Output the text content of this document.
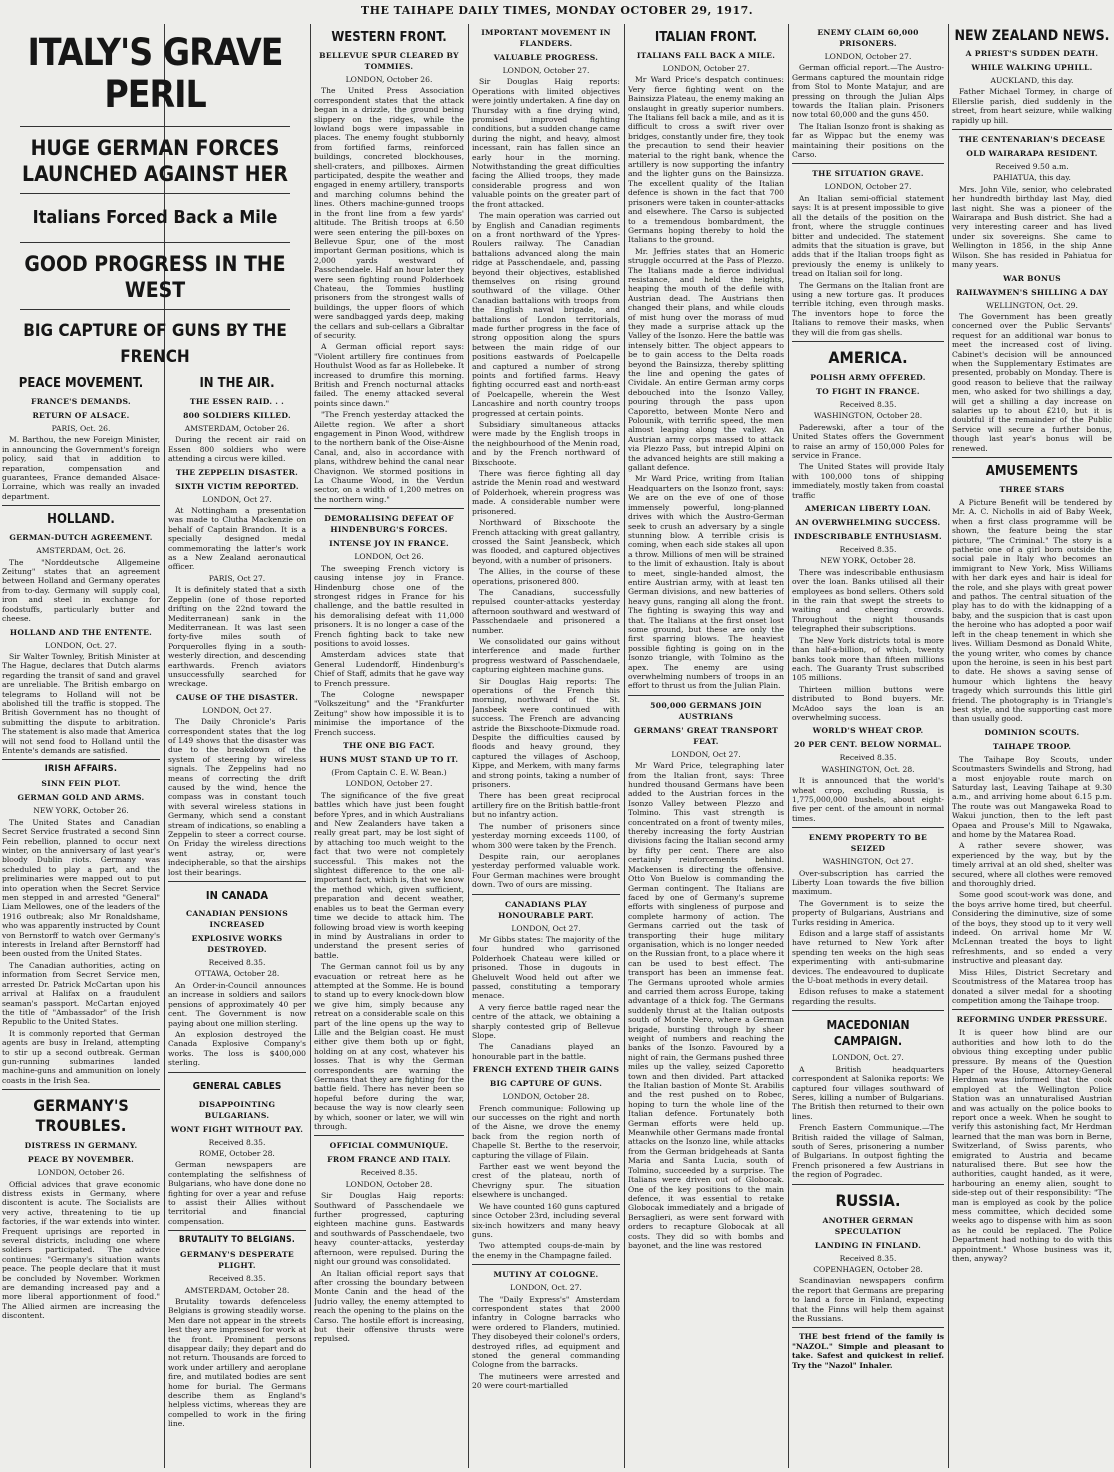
THE TAIHAPE DAILY TIMES, MONDAY OCTOBER 29, 1917.
ITALY'S GRAVE PERIL
HUGE GERMAN FORCES LAUNCHED AGAINST HER
Italians Forced Back a Mile
GOOD PROGRESS IN THE WEST
BIG CAPTURE OF GUNS BY THE FRENCH
PEACE MOVEMENT.
FRANCE'S DEMANDS.
RETURN OF ALSACE.

PARIS, Oct. 26.

M. Barthou, the new Foreign Minister, in announcing the Government's foreign policy, said that in addition to reparation, compensation and guarantees, France demanded Alsace-Lorraine, which was really an invaded department.

HOLLAND.
GERMAN-DUTCH AGREEMENT.

AMSTERDAM, Oct. 26.

The "Norddeutsche Allgemeine Zeitung" states that an agreement between Holland and Germany operates from to-day. Germany will supply coal, iron and steel in exchange for foodstuffs, particularly butter and cheese.

HOLLAND AND THE ENTENTE.

LONDON, Oct. 27.

Sir Walter Townley, British Minister at The Hague, declares that Dutch alarms regarding the transit of sand and gravel are unreliable. The British embargo on telegrams to Holland will not be abolished till the traffic is stopped. The British Government has no thought of submitting the dispute to arbitration. The statement is also made that America will not send food to Holland until the Entente's demands are satisfied.

IRISH AFFAIRS.
SINN FEIN PLOT.
GERMAN GOLD AND ARMS.

NEW YORK, October 26.

The United States and Canadian Secret Service frustrated a second Sinn Fein rebellion, planned to occur next winter, on the anniversary of last year's bloody Dublin riots. Germany was scheduled to play a part, and the preliminaries were mapped out to put into operation when the Secret Service men stepped in and arrested "General" Liam Mellowes, one of the leaders of the 1916 outbreak; also Mr Ronaldshame, who was apparently instructed by Count von Bernstorff to watch over Germany's interests in Ireland after Bernstorff had been ousted from the United States.

The Canadian authorities, acting on information from Secret Service men, arrested Dr. Patrick McCartan upon his arrival at Halifax on a fraudulent seaman's passport. McCartan enjoyed the title of "Ambassador" of the Irish Republic to the United States.

It is commonly reported that German agents are busy in Ireland, attempting to stir up a second outbreak. German gun-running submarines landed machine-guns and ammunition on lonely coasts in the Irish Sea.

GERMANY'S TROUBLES.
DISTRESS IN GERMANY.
PEACE BY NOVEMBER.

LONDON, October 26.

Official advices that grave economic distress exists in Germany, where discontent is acute. The Socialists are very active, threatening to tie up factories, if the war extends into winter. Frequent uprisings are reported in several districts, including one where soldiers participated. The advice continues: "Germany's situation wants peace. The people declare that it must be concluded by November. Workmen are demanding increased pay and a more liberal apportionment of food." The Allied airmen are increasing the discontent.

IN THE AIR.
THE ESSEN RAID. . .
800 SOLDIERS KILLED.

AMSTERDAM, October 26.

During the recent air raid on Essen 800 soldiers who were attending a circus were killed.

THE ZEPPELIN DISASTER.
SIXTH VICTIM REPORTED.

LONDON, Oct 27.

At Nottingham a presentation was made to Clutha Mackenzie on behalf of Captain Brandon. It is a specially designed medal commemorating the latter's work as a New Zealand aeronautical officer.

PARIS, Oct 27.

It is definitely stated that a sixth Zeppelin (one of those reported drifting on the 22nd toward the Mediterranean) sank in the Mediterranean. It was last seen forty-five miles south of Porquerolles flying in a south-westerly direction, and descending earthwards. French aviators unsuccessfully searched for wreckage.

CAUSE OF THE DISASTER.

LONDON, Oct 27.

The Daily Chronicle's Paris correspondent states that the log of L49 shows that the disaster was due to the breakdown of the system of steering by wireless signals. The Zeppelins had no means of correcting the drift caused by the wind, hence the compass was in constant touch with several wireless stations in Germany, which send a constant stream of indications, so enabling a Zeppelin to steer a correct course. On Friday the wireless directions went astray, or, were indecipherable, so that the airships lost their bearings.

IN CANADA
CANADIAN PENSIONS INCREASED
EXPLOSIVE WORKS DESTROYED.

Received 8.35.

OTTAWA, October 28.

An Order-in-Council announces an increase in soldiers and sailors pensions of approximately 40 per cent. The Government is now paying about one million sterling.

An explosion destroyed the Canada Explosive Company's works. The loss is $400,000 sterling.

GENERAL CABLES
DISAPPOINTING BULGARIANS.
WONT FIGHT WITHOUT PAY.

Received 8.35.

ROME, October 28.

German newspapers are contemplating the selfishness of Bulgarians, who have done done no fighting for over a year and refuse to assist their Allies without territorial and financial compensation.

BRUTALITY TO BELGIANS.
GERMANY'S DESPERATE PLIGHT.

Received 8.35.

AMSTERDAM, October 28.

Brutality towards defenceless Belgians is growing steadily worse. Men dare not appear in the streets lest they are impressed for work at the front. Prominent persons disappear daily; they depart and do not return. Thousands are forced to work under artillery and aeroplane fire, and mutilated bodies are sent home for burial. The Germans describe them as England's helpless victims, whereas they are compelled to work in the firing line.

WESTERN FRONT.
BELLEVUE SPUR CLEARED BY TOMMIES.

LONDON, October 26.

The United Press Association correspondent states that the attack began in a drizzle, the ground being slippery on the ridges, while the lowland bogs were impassable in places. The enemy fought stubbornly from fortified farms, reinforced buildings, concreted blockhouses, shell-craters, and pillboxes. Airmen participated, despite the weather and engaged in enemy artillery, transports and marching columns behind the lines. Others machine-gunned troops in the front line from a few yards' altitude. The British troops at 6.50 were seen entering the pill-boxes on Bellevue Spur, one of the most important German positions, which is 2,000 yards westward of Passchendaele. Half an hour later they were seen fighting round Polderhoek Chateau, the Tommies hustling prisoners from the strongest walls of buildings, the upper floors of which were sandbagged yards deep, making the cellars and sub-cellars a Gibraltar of security.

A German official report says: "Violent artillery fire continues from Houthulst Wood as far as Hollebeke. It increased to drumfire this morning. British and French nocturnal attacks failed. The enemy attacked several points since dawn."

"The French yesterday attacked the Ailette region. We after a short engagement in Pinon Wood, withdrew to the northern bank of the Oise-Aisne Canal, and, also in accordance with plans, withdrew behind the canal near Chavignon. We stormed positions in La Chaume Wood, in the Verdun sector, on a width of 1,200 metres on the northern wing."

DEMORALISING DEFEAT OF HINDENBURG'S FORCES.
INTENSE JOY IN FRANCE.

LONDON, Oct 26.

The sweeping French victory is causing intense joy in France. Hindenburg chose one of the strongest ridges in France for his challenge, and the battle resulted in his demoralising defeat with 11,000 prisoners. It is no longer a case of the French fighting back to take new positions to avoid losses.

Amsterdam advices state that General Ludendorff, Hindenburg's Chief of Staff, admits that he gave way to French pressure.

The Cologne newspaper "Volkszeitung" and the "Frankfurter Zeitung" show how impossible it is to minimise the importance of the French success.

THE ONE BIG FACT.
HUNS MUST STAND UP TO IT.

(From Captain C. E. W. Bean.)

LONDON, October 27.

The significance of the five great battles which have just been fought before Ypres, and in which Australians and New Zealanders have taken a really great part, may be lost sight of by attaching too much weight to the fact that two were not completely successful. This makes not the slightest difference to the one all-important fact, which is, that we know the method which, given sufficient, preparation and decent weather, enables us to beat the German every time we decide to attack him. The following broad view is worth keeping in mind by Australians in order to understand the present series of battle.

The German cannot foil us by any evacuation or retreat here as he attempted at the Somme. He is bound to stand up to every knock-down blow we give him, simply because any retreat on a considerable scale on this part of the line opens up the way to Lille and the Belgian coast. He must either give them both up or fight, holding on at any cost, whatever his losses. That is why the German correspondents are warning the Germans that they are fighting for the battle field. There has never been so hopeful before during the war, because the way is now clearly seen by which, sooner or later, we will win through.

OFFICIAL COMMUNIQUE.
FROM FRANCE AND ITALY.

Received 8.35.

LONDON, October 28.

Sir Douglas Haig reports: Southward of Passchendaele we further progressed, capturing eighteen machine guns. Eastwards and southwards of Passchendaele, two heavy counter-attacks, yesterday afternoon, were repulsed. During the night our ground was consolidated.

An Italian official report says that after crossing the boundary between Monte Canin and the head of the Judrio valley, the enemy attempted to reach the opening to the plains on the Carso. The hostile effort is increasing, but their offensive thrusts were repulsed.

IMPORTANT MOVEMENT IN FLANDERS.
VALUABLE PROGRESS.

LONDON, October 27.

Sir Douglas Haig reports: Operations with limited objectives were jointly undertaken. A fine day on Thursday with a fine drying wind, promised improved fighting conditions, but a sudden change came during the night, and heavy, almost incessant, rain has fallen since an early hour in the morning. Notwithstanding the great difficulties facing the Allied troops, they made considerable progress and won valuable points on the greater part of the front attacked.

The main operation was carried out by English and Canadian regiments on a front northward of the Ypres-Roulers railway. The Canadian battalions advanced along the main ridge at Passchendaele, and, passing beyond their objectives, established themselves on rising ground southward of the village. Other Canadian battalions with troops from the English naval brigade, and battalions of London territorials, made further progress in the face of strong opposition along the spurs between the main ridge of our positions eastwards of Poelcapelle and captured a number of strong points and fortified farms. Heavy fighting occurred east and north-east of Poelcapelle, wherein the West Lancashire and north country troops progressed at certain points.

Subsidiary simultaneous attacks were made by the English troops in the neighbourhood of the Menin road, and by the French northward of Bixschoote.

There was fierce fighting all day astride the Menin road and westward of Polderhoek, wherein progress was made. A considerable number were prisonered.

Northward of Bixschoote the French attacking with great gallantry, crossed the Saint Jeansbeck, which was flooded, and captured objectives beyond, with a number of prisoners.

The Allies, in the course of these operations, prisonered 800.

The Canadians, successfully repulsed counter-attacks yesterday afternoon southward and westward of Passchendaele and prisonered a number.

We consolidated our gains without interference and made further progress westward of Passchendaele, capturing eighteen machine guns.

Sir Douglas Haig reports: The operations of the French this morning, northward of the St. Jansbeek were continued with success. The French are advancing astride the Bixschoote-Dixmude road. Despite the difficulties caused by floods and heavy ground, they captured the villages of Aschoop, Kippe, and Merkem, with many farms and strong points, taking a number of prisoners.

There has been great reciprocal artillery fire on the British battle-front but no infantry action.

The number of prisoners since yesterday morning exceeds 1100, of whom 300 were taken by the French.

Despite rain, our aeroplanes yesterday performed valuable work. Four German machines were brought down. Two of ours are missing.

CANADIANS PLAY HONOURABLE PART.

LONDON, Oct 27.

Mr Gibbs states: The majority of the four hundred who garrisoned Polderhoek Chateau were killed or prisoned. Those in dugouts in Gheluvelt Wood held out after we passed, constituting a temporary menace.

A very fierce battle raged near the centre of the attack, we obtaining a sharply contested grip of Bellevue Slope.

The Canadians played an honourable part in the battle.

FRENCH EXTEND THEIR GAINS
BIG CAPTURE OF GUNS.

LONDON, October 28.

French communique: Following up our successes on the right and north of the Aisne, we drove the enemy back from the region north of Chapelle St. Berthe to the reservoir, capturing the village of Filain.

Farther east we went beyond the crest of the plateau, north of Chevrigny spur. The situation elsewhere is unchanged.

We have counted 160 guns captured since October 23rd, including several six-inch howitzers and many heavy guns.

Two attempted coups-de-main by the enemy in the Champagne failed.

MUTINY AT COLOGNE.

LONDON, Oct. 27.

The "Daily Express's" Amsterdam correspondent states that 2000 infantry in Cologne barracks who were ordered to Flanders, mutinied. They disobeyed their colonel's orders, destroyed rifles, ad equipment and stoned the general commanding Cologne from the barracks.

The mutineers were arrested and 20 were court-martialled

ITALIAN FRONT.
ITALIANS FALL BACK A MILE.

LONDON, October 27.

Mr Ward Price's despatch continues: Very fierce fighting went on the Bainsizza Plateau, the enemy making an onslaught in greatly superior numbers. The Italians fell back a mile, and as it is difficult to cross a swift river over bridges, constantly under fire, they took the precaution to send their heavier material to the right bank, whence the artillery is now supporting the infantry and the lighter guns on the Bainsizza. The excellent quality of the Italian defence is shown in the fact that 700 prisoners were taken in counter-attacks and elsewhere. The Carso is subjected to a tremendous bombardment, the Germans hoping thereby to hold the Italians to the ground.

Mr. Jeffries states that an Homeric struggle occurred at the Pass of Plezzo. The Italians made a fierce individual resistance, and held the heights, heaping the mouth of the defile with Austrian dead. The Austrians then changed their plans, and while clouds of mist hung over the morass of mud they made a surprise attack up the Valley of the Isonzo. Here the battle was intensely bitter. The object appears to be to gain access to the Delta roads beyond the Bainsizza, thereby splitting the line and opening the gates of Cividale. An entire German army corps debouched into the Isonzo Valley, pouring through the pass upon Caporetto, between Monte Nero and Polounik, with terrific speed, the men almost leaping along the valley. An Austrian army corps massed to attack via Plezzo Pass, but intrepid Alpini on the advanced heights are still making a gallant defence.

Mr Ward Price, writing from Italian Headquarters on the Isonzo front, says: We are on the eve of one of those immensely powerful, long-planned drives with which the Austro-German seek to crush an adversary by a single stunning blow. A terrible crisis is coming, when each side stakes all upon a throw. Millions of men will be strained to the limit of exhaustion. Italy is about to meet, single-handed almost, the entire Austrian army, with at least ten German divisions, and new batteries of heavy guns, ranging all along the front. The fighting is swaying this way and that. The Italians at the first onset lost some ground, but these are only the first sparring blows. The heaviest possible fighting is going on in the Isonzo triangle, with Tolmino as the apex. The enemy are using overwhelming numbers of troops in an effort to thrust us from the Julian Plain.

500,000 GERMANS JOIN AUSTRIANS
GERMANS' GREAT TRANSPORT FEAT.

LONDON, Oct 27.

Mr Ward Price, telegraphing later from the Italian front, says: Three hundred thousand Germans have been added to the Austrian forces in the Isonzo Valley between Plezzo and Tolmino. This vast strength is concentrated on a front of twenty miles, thereby increasing the forty Austrian divisions facing the Italian second army by fifty per cent. There are also certainly reinforcements behind. Mackensen is directing the offensive. Otto Von Buelow is commanding the German contingent. The Italians are faced by one of Germany's supreme efforts with singleness of purpose and complete harmony of action. The Germans carried out the task of transporting their huge military organisation, which is no longer needed on the Russian front, to a place where it can be used to best effect. The transport has been an immense feat. The Germans uprooted whole armies and carried them across Europe, taking advantage of a thick fog. The Germans suddenly thrust at the Italian outposts south of Monte Nero, where a German brigade, bursting through by sheer weight of numbers and reaching the banks of the Isonzo. Favoured by a night of rain, the Germans pushed three miles up the valley, seized Caporetto town and then divided. Part attacked the Italian bastion of Monte St. Arabilis and the rest pushed on to Robec, hoping to turn the whole line of the Italian defence. Fortunately both German efforts were held up. Meanwhile other Germans made frontal attacks on the Isonzo line, while attacks from the German bridgeheads at Santa Maria and Santa Lucia, south of Tolmino, succeeded by a surprise. The Italians were driven out of Globocak. One of the key positions to the main defence, it was essential to retake Globocak immediately and a brigade of Bersaglieri, as were sent forward with orders to recapture Globocak at all costs. They did so with bombs and bayonet, and the line was restored

ENEMY CLAIM 60,000 PRISONERS.

LONDON, October 27.

German official report.—The Austro-Germans captured the mountain ridge from Stol to Monte Matajur, and are pressing on through the Julian Alps towards the Italian plain. Prisoners now total 60,000 and the guns 450.

The Italian Isonzo front is shaking as far as Wippac but the enemy was maintaining their positions on the Carso.

THE SITUATION GRAVE.

LONDON, October 27.

An Italian semi-official statement says: It is at present impossible to give all the details of the position on the front, where the struggle continues bitter and undecided. The statement admits that the situation is grave, but adds that if the Italian troops fight as previously the enemy is unlikely to tread on Italian soil for long.

The Germans on the Italian front are using a new torture gas. It produces terrible itching, even through masks. The inventors hope to force the Italians to remove their masks, when they will die from gas shells.

AMERICA.
POLISH ARMY OFFERED.
TO FIGHT IN FRANCE.

Received 8.35.

WASHINGTON, October 28.

Paderewski, after a tour of the United States offers the Government to raise an army of 150,000 Poles for service in France.

The United States will provide Italy with 100,000 tons of shipping immediately, mostly taken from coastal traffic

AMERICAN LIBERTY LOAN.
AN OVERWHELMING SUCCESS.
INDESCRIBABLE ENTHUSIASM.

Received 8.35.

NEW YORK, October 28.

There was indescribable enthusiasm over the loan. Banks utilised all their employees as bond sellers. Others sold in the rain that swept the streets to waiting and cheering crowds. Throughout the night thousands telegraphed their subscriptions.

The New York districts total is more than half-a-billion, of which, twenty banks took more than fifteen millions each. The Guaranty Trust subscribed 105 millions.

Thirteen million buttons were distributed to Bond buyers. Mr. McAdoo says the loan is an overwhelming success.

WORLD'S WHEAT CROP.
20 PER CENT. BELOW NORMAL.

Received 8.35.

WASHINGTON, Oct. 28.

It is announced that the world's wheat crop, excluding Russia, is 1,775,000,000 bushels, about eight-five per cent. of the amount in normal times.

ENEMY PROPERTY TO BE SEIZED

WASHINGTON, Oct 27.

Over-subscription has carried the Liberty Loan towards the five billion maximum.

The Government is to seize the property of Bulgarians, Austrians and Turks residing in America.

Edison and a large staff of assistants have returned to New York after spending ten weeks on the high seas experimenting with anti-submarine devices. The endeavoured to duplicate the U-boat methods in every detail.

Edison refuses to make a statement regarding the results.

MACEDONIAN CAMPAIGN.

LONDON, Oct. 27.

A British headquarters correspondent at Salonika reports: We captured four villages southward of Seres, killing a number of Bulgarians. The British then returned to their own lines.

French Eastern Communique.—The British raided the village of Salman, south of Seres, prisonering a number of Bulgarians. In outpost fighting the French prisonered a few Austrians in the region of Pogradec.

RUSSIA.
ANOTHER GERMAN SPECULATION
LANDING IN FINLAND.

Received 8.35.

COPENHAGEN, October 28.

Scandinavian newspapers confirm the report that Germans are preparing to land a force in Finland, expecting that the Finns will help them against the Russians.

THE best friend of the family is "NAZOL." Simple and pleasant to take. Safest and quickest in relief. Try the "Nazol" Inhaler.

NEW ZEALAND NEWS.
A PRIEST'S SUDDEN DEATH.
WHILE WALKING UPHILL.

AUCKLAND, this day.

Father Michael Tormey, in charge of Ellerslie parish, died suddenly in the street, from heart seizure, while walking rapidly up hill.

THE CENTENARIAN'S DECEASE
OLD WAIRARAPA RESIDENT.

Received 9.50 a.m.

PAHIATUA, this day.

Mrs. John Vile, senior, who celebrated her hundredth birthday last May, died last night. She was a pioneer of the Wairarapa and Bush district. She had a very interesting career and has lived under six sovereigns. She came to Wellington in 1856, in the ship Anne Wilson. She has resided in Pahiatua for many years.

WAR BONUS
RAILWAYMEN'S SHILLING A DAY

WELLINGTON, Oct. 29.

The Government has been greatly concerned over the Public Servants' request for an additional war bonus to meet the increased cost of living. Cabinet's decision will be announced when the Supplementary Estimates are presented, probably on Monday. There is good reason to believe that the railway men, who asked for two shillings a day, will get a shilling a day increase on salaries up to about £210, but it is doubtful if the remainder of the Public Service will secure a further bonus, though last year's bonus will be renewed.

AMUSEMENTS
THREE STARS

A Picture Benefit will be tendered by Mr. A. C. Nicholls in aid of Baby Week, when a first class programme will be shown, the feature being the star picture, "The Criminal." The story is a pathetic one of a girl born outside the social pale in Italy who becomes an immigrant to New York, Miss Williams with her dark eyes and hair is ideal for the role, and she plays with great power and pathos. The central situation of the play has to do with the kidnapping of a baby, and the suspicion that is cast upon the heroine who has adopted a poor waif left in the cheap tenement in which she lives. William Desmond as Donald White, the young writer, who comes by chance upon the heroine, is seen in his best part to date. He shows a saving sense of humour which lightens the heavy tragedy which surrounds this little girl friend. The photography is in Triangle's best style, and the supporting cast more than usually good.

DOMINION SCOUTS.
TAIHAPE TROOP.

The Taihape Boy Scouts, under Scoutmasters Swindells and Strong, had a most enjoyable route march on Saturday last, Leaving Taihape at 9.30 a.m., and arriving home about 6.15 p.m. The route was out Mangaweka Road to Wakui junction, then to the left past Opaea and Prouse's Mill to Ngawaka, and home by the Matarea Road.

A rather severe shower, was experienced by the way, but by the timely arrival at an old shed, shelter was secured, where all clothes were removed and thoroughly dried.

Some good scout-work was done, and the boys arrive home tired, but cheerful. Considering the diminutive, size of some of the boys, they stood up to it very well indeed. On arrival home Mr W. McLennan treated the boys to light refreshments, and so ended a very instructive and pleasant day.

Miss Hiles, District Secretary and Scoutmistress of the Matarea troop has donated a silver medal for a shooting competition among the Taihape troop.

REFORMING UNDER PRESSURE.

It is queer how blind are our authorities and how loth to do the obvious thing excepting under public pressure. By means of the Question Paper of the House, Attorney-General Herdman was informed that the cook employed at the Wellington Police Station was an unnaturalised Austrian and was actually on the police books to report once a week. When he sought to verify this astonishing fact, Mr Herdman learned that the man was born in Berne, Switzerland, of Swiss parents, who emigrated to Austria and became naturalised there. But see how the authorities, caught handed, as it were, harbouring an enemy alien, sought to side-step out of their responsibility: "The man is employed as cook by the police mess committee, which decided some weeks ago to dispense with him as soon as he could be replaced. The Police Department had nothing to do with this appointment." Whose business was it, then, anyway?
